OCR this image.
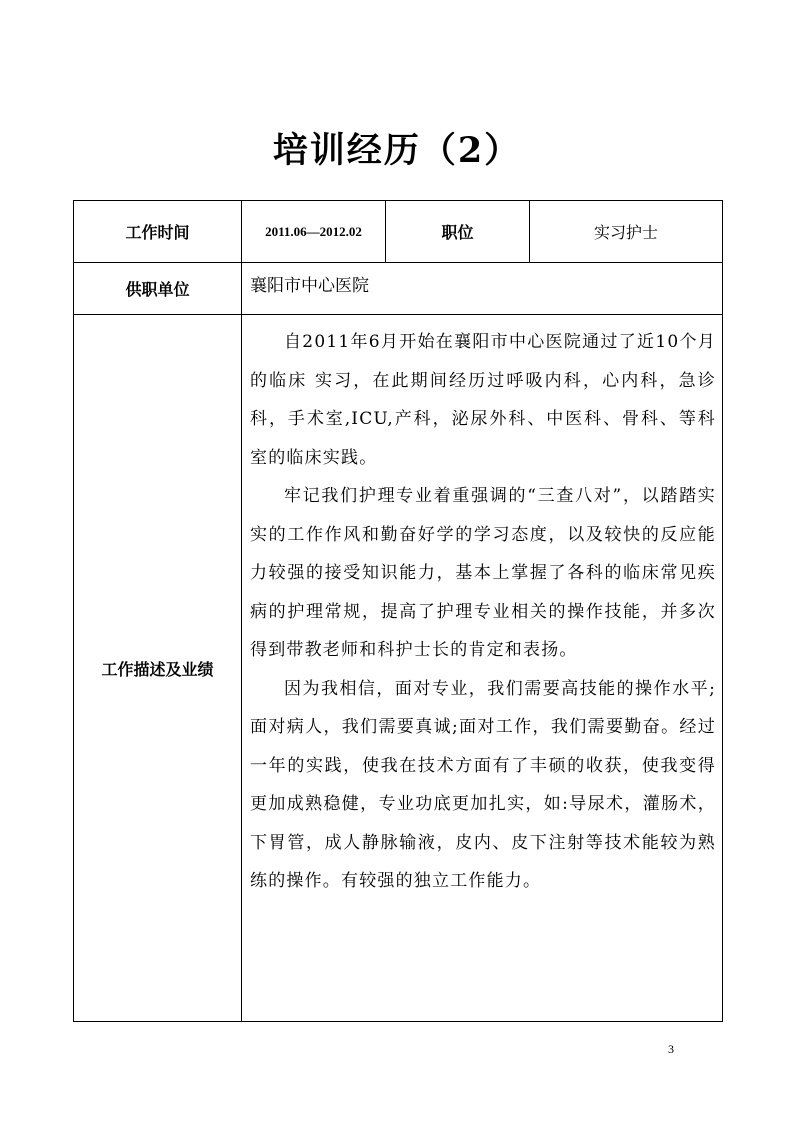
培训经历（2）
工作时间	2011.06—2012.02	职位	实习护士
供职单位	襄阳市中心医院		
工作描述及业绩	自2011年6月开始在襄阳市中心医院通过了近10个月的临床 实习，在此期间经历过呼吸内科，心内科，急诊科，手术室,ICU,产科，泌尿外科、中医科、骨科、等科室的临床实践。

牢记我们护理专业着重强调的“三查八对”，以踏踏实实的工作作风和勤奋好学的学习态度，以及较快的反应能力较强的接受知识能力，基本上掌握了各科的临床常见疾病的护理常规，提高了护理专业相关的操作技能，并多次得到带教老师和科护士长的肯定和表扬。

因为我相信，面对专业，我们需要高技能的操作水平;面对病人，我们需要真诚;面对工作，我们需要勤奋。经过一年的实践，使我在技术方面有了丰硕的收获，使我变得更加成熟稳健，专业功底更加扎实，如:导尿术，灌肠术，下胃管，成人静脉输液，皮内、皮下注射等技术能较为熟练的操作。有较强的独立工作能力。		

3
